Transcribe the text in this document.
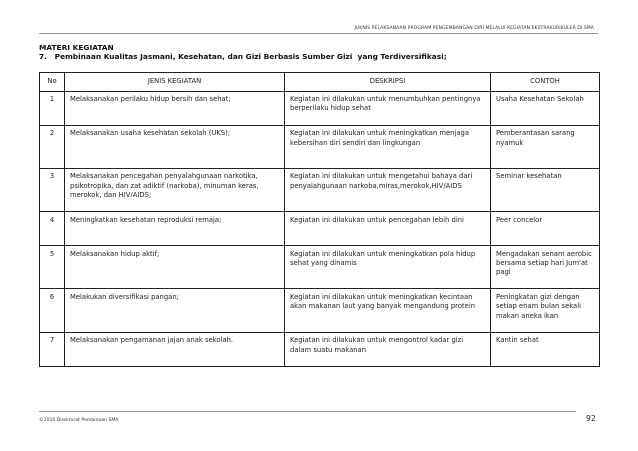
JUKNIS PELAKSANAAN PROGRAM PENGEMBANGAN DIRI MELALUI KEGIATAN EKSTRAKURIKULER DI SMA
MATERI KEGIATAN
7.   Pembinaan Kualitas Jasmani, Kesehatan, dan Gizi Berbasis Sumber Gizi  yang Terdiversifikasi;
No	JENIS KEGIATAN	DESKRIPSI	CONTOH
1	Melaksanakan perilaku hidup bersih dan sehat;	Kegiatan ini dilakukan untuk menumbuhkan pentingnya berperilaku hidup sehat	Usaha Kesehatan Sekolah
2	Melaksanakan usaha kesehatan sekolah (UKS);	Kegiatan ini dilakukan untuk meningkatkan menjaga kebersihan diri sendiri dan lingkungan	Pemberantasan sarang nyamuk
3	Melaksanakan pencegahan penyalahgunaan narkotika, psikotropika, dan zat adiktif (narkoba), minuman keras, merokok, dan HIV/AIDS;	Kegiatan ini dilakukan untuk mengetahui bahaya dari penyalahgunaan narkoba,miras,merokok,HIV/AIDS	Seminar kesehatan
4	Meningkatkan kesehatan reproduksi remaja;	Kegiatan ini dilakukan untuk pencegahan lebih dini	Peer concelor
5	Melaksanakan hidup aktif;	Kegiatan ini dilakukan untuk meningkatkan pola hidup sehat yang dinamis	Mengadakan senam aerobic bersama setiap hari Jum'at pagi
6	Melakukan diversifikasi pangan;	Kegiatan ini dilakukan untuk meningkatkan kecintaan akan makanan laut yang banyak mengandung protein	Peningkatan gizi dengan setiap enam bulan sekali makan aneka ikan
7	Melaksanakan pengamanan jajan anak sekolah.	Kegiatan ini dilakukan untuk mengontrol kadar gizi dalam suatu makanan	Kantin sehat
©2010 Direktorat Pembinaan SMA	92
